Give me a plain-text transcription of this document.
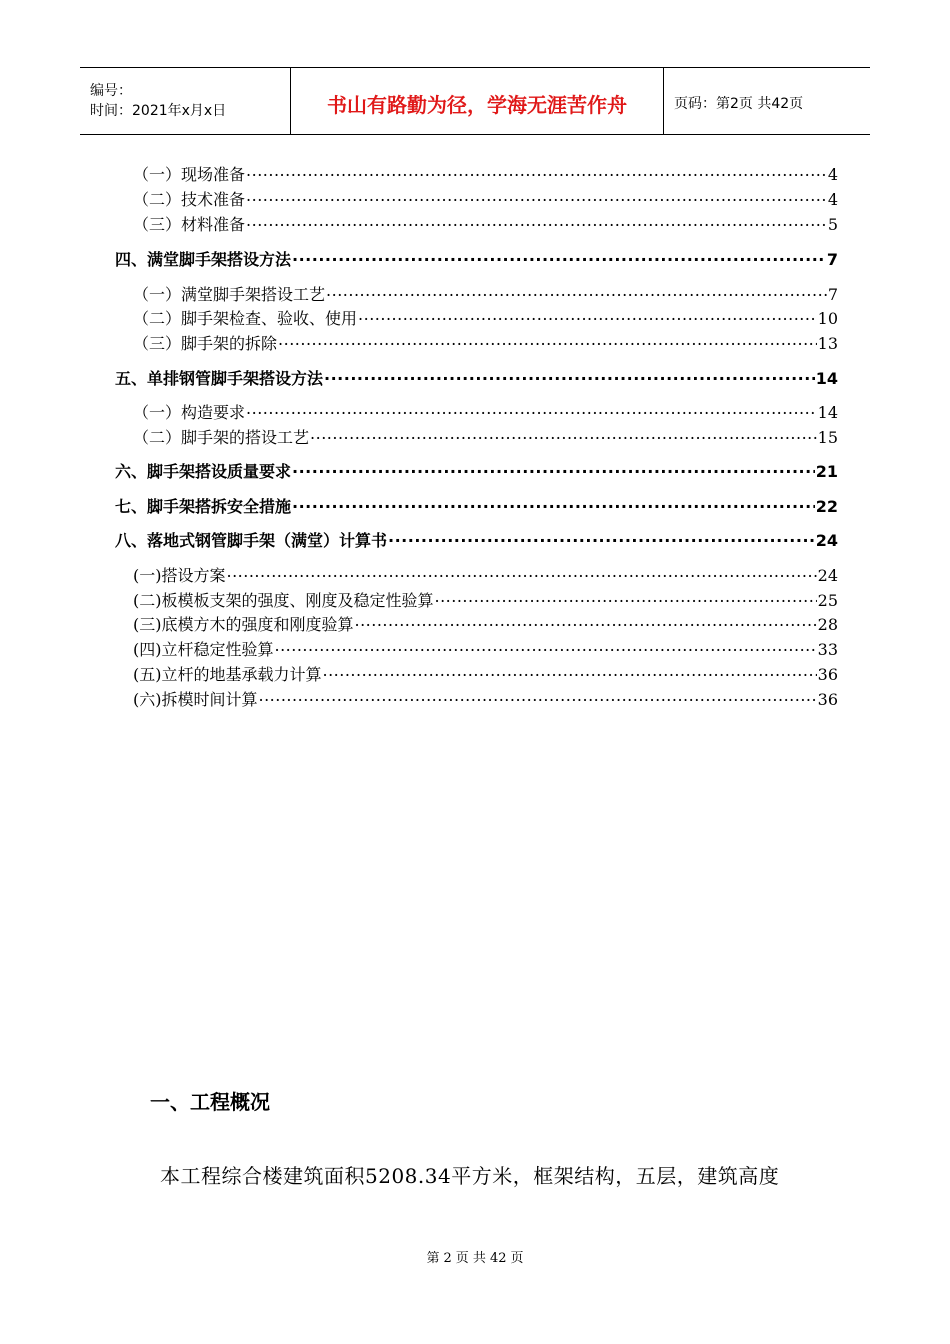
编号：
时间：2021年x月x日	书山有路勤为径，学海无涯苦作舟	页码：第2页 共42页
（一）现场准备 .....	4
（二）技术准备 .....	4
（三）材料准备 .....	5
四、满堂脚手架搭设方法 .....	7
（一）满堂脚手架搭设工艺 .....	7
（二）脚手架检查、验收、使用 .....	10
（三）脚手架的拆除 .....	13
五、单排钢管脚手架搭设方法 .....	14
（一）构造要求 .....	14
（二）脚手架的搭设工艺 .....	15
六、脚手架搭设质量要求 .....	21
七、脚手架搭拆安全措施 .....	22
八、落地式钢管脚手架（满堂）计算书 .....	24
(一)搭设方案 .....	24
(二)板模板支架的强度、刚度及稳定性验算 .....	25
(三)底模方木的强度和刚度验算 .....	28
(四)立杆稳定性验算 .....	33
(五)立杆的地基承载力计算 .....	36
(六)拆模时间计算 .....	36
一、工程概况
本工程综合楼建筑面积5208.34平方米，框架结构，五层，建筑高度
第 2 页 共 42 页
